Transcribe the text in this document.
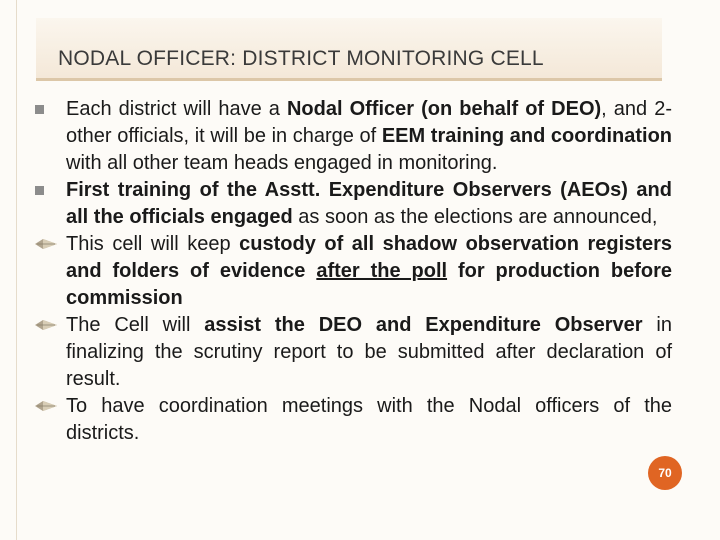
NODAL OFFICER: DISTRICT MONITORING CELL
Each district will have a Nodal Officer (on behalf of DEO), and 2- other officials, it will be in charge of EEM training and coordination with all other team heads engaged in monitoring.
First training of the Asstt. Expenditure Observers (AEOs) and all the officials engaged as soon as the elections are announced,
This cell will keep custody of all shadow observation registers and folders of evidence after the poll for production before commission
The Cell will assist the DEO and Expenditure Observer in finalizing the scrutiny report to be submitted after declaration of result.
To have coordination meetings with the Nodal officers of the districts.
70
